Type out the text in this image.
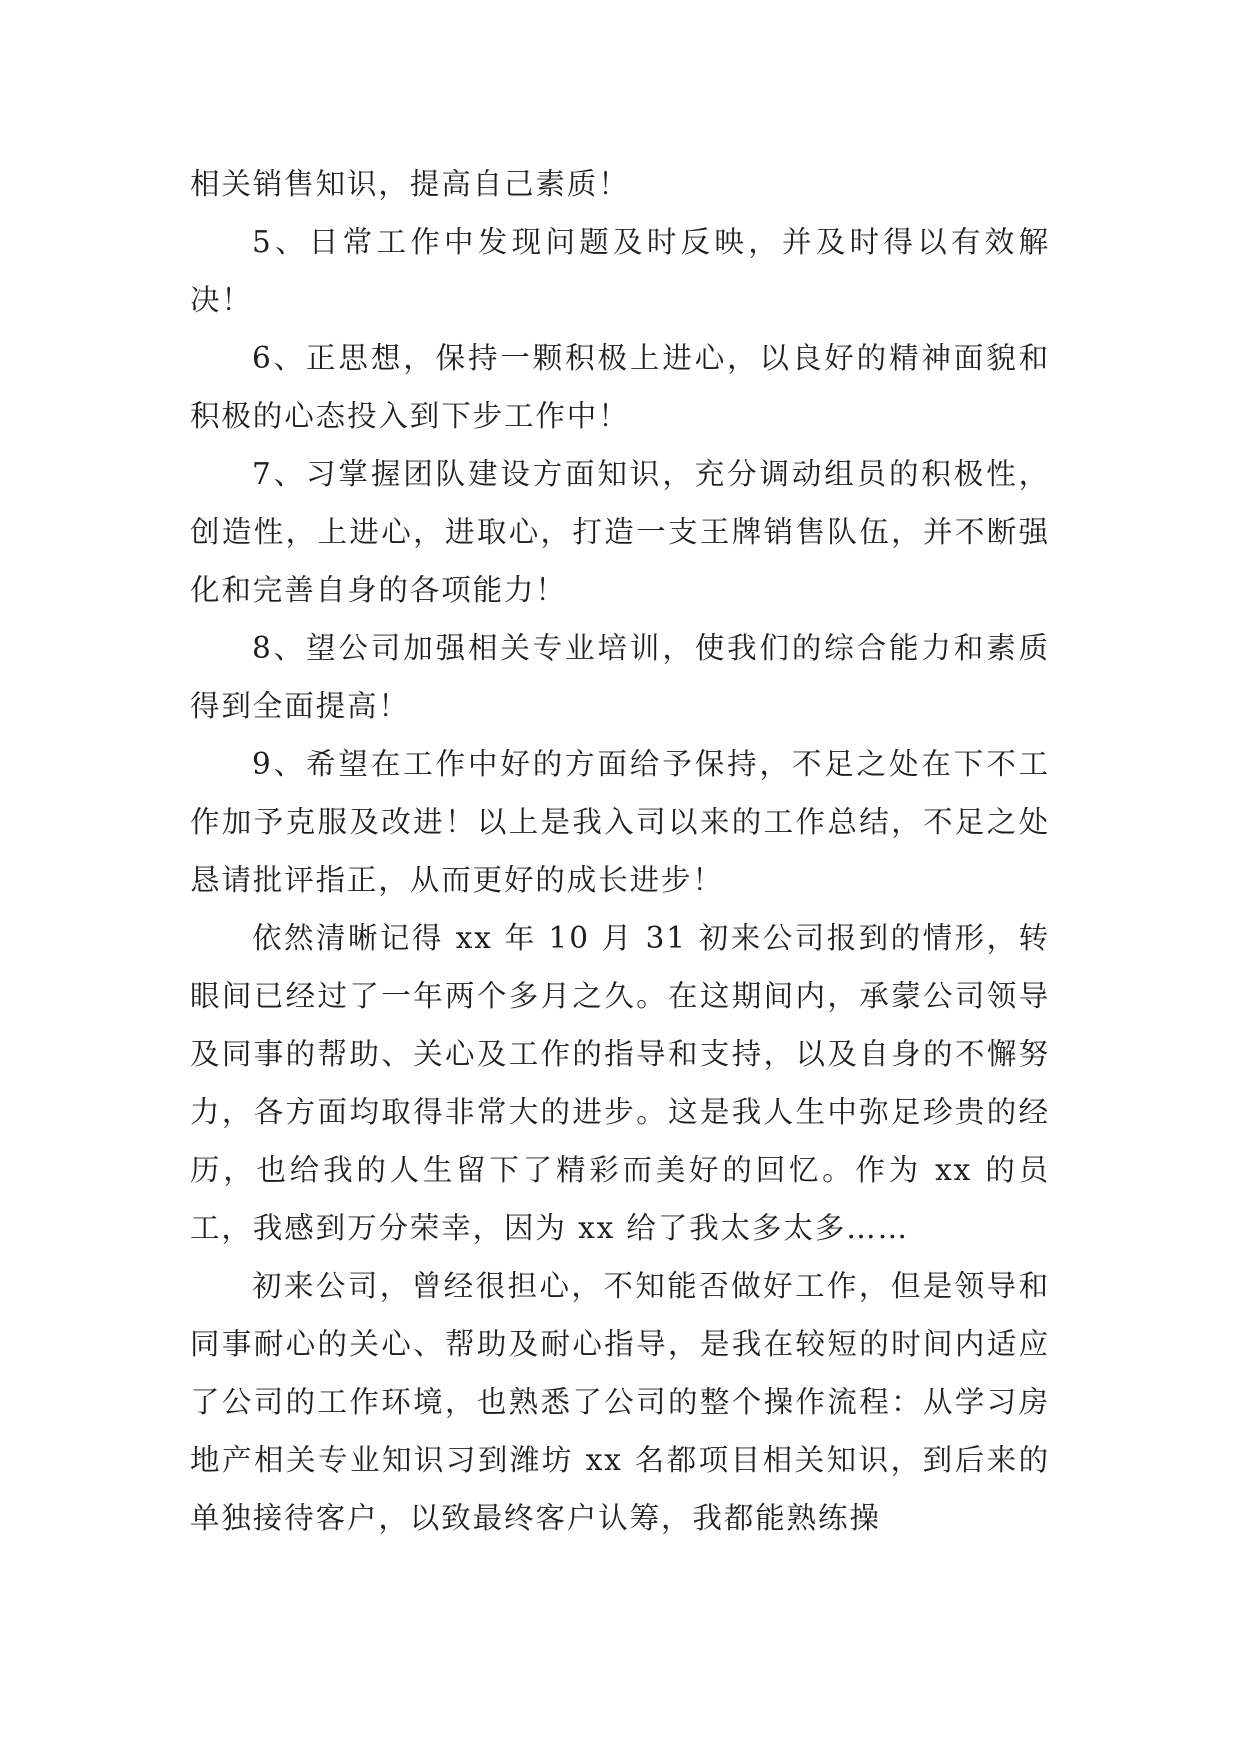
相关销售知识，提高自己素质！

5、日常工作中发现问题及时反映，并及时得以有效解决！

6、正思想，保持一颗积极上进心，以良好的精神面貌和积极的心态投入到下步工作中！

7、习掌握团队建设方面知识，充分调动组员的积极性，创造性，上进心，进取心，打造一支王牌销售队伍，并不断强化和完善自身的各项能力！

8、望公司加强相关专业培训，使我们的综合能力和素质得到全面提高！

9、希望在工作中好的方面给予保持，不足之处在下不工作加予克服及改进！以上是我入司以来的工作总结，不足之处恳请批评指正，从而更好的成长进步！

依然清晰记得 xx 年 10 月 31 初来公司报到的情形，转眼间已经过了一年两个多月之久。在这期间内，承蒙公司领导及同事的帮助、关心及工作的指导和支持，以及自身的不懈努力，各方面均取得非常大的进步。这是我人生中弥足珍贵的经历，也给我的人生留下了精彩而美好的回忆。作为 xx 的员工，我感到万分荣幸，因为 xx 给了我太多太多……

初来公司，曾经很担心，不知能否做好工作，但是领导和同事耐心的关心、帮助及耐心指导，是我在较短的时间内适应了公司的工作环境，也熟悉了公司的整个操作流程：从学习房地产相关专业知识习到潍坊 xx 名都项目相关知识，到后来的单独接待客户，以致最终客户认筹，我都能熟练操
